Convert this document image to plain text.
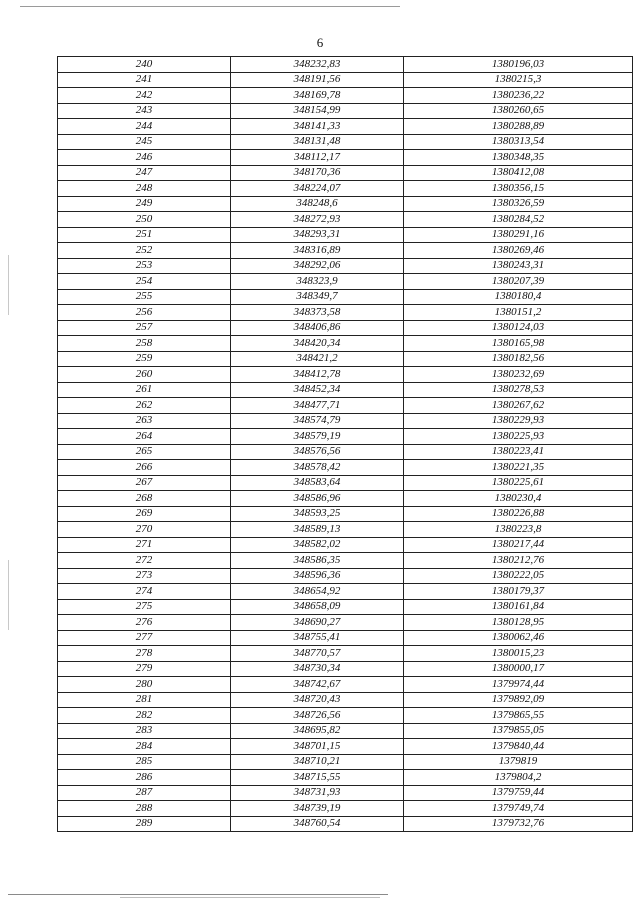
6
240	348232,83	1380196,03
241	348191,56	1380215,3
242	348169,78	1380236,22
243	348154,99	1380260,65
244	348141,33	1380288,89
245	348131,48	1380313,54
246	348112,17	1380348,35
247	348170,36	1380412,08
248	348224,07	1380356,15
249	348248,6	1380326,59
250	348272,93	1380284,52
251	348293,31	1380291,16
252	348316,89	1380269,46
253	348292,06	1380243,31
254	348323,9	1380207,39
255	348349,7	1380180,4
256	348373,58	1380151,2
257	348406,86	1380124,03
258	348420,34	1380165,98
259	348421,2	1380182,56
260	348412,78	1380232,69
261	348452,34	1380278,53
262	348477,71	1380267,62
263	348574,79	1380229,93
264	348579,19	1380225,93
265	348576,56	1380223,41
266	348578,42	1380221,35
267	348583,64	1380225,61
268	348586,96	1380230,4
269	348593,25	1380226,88
270	348589,13	1380223,8
271	348582,02	1380217,44
272	348586,35	1380212,76
273	348596,36	1380222,05
274	348654,92	1380179,37
275	348658,09	1380161,84
276	348690,27	1380128,95
277	348755,41	1380062,46
278	348770,57	1380015,23
279	348730,34	1380000,17
280	348742,67	1379974,44
281	348720,43	1379892,09
282	348726,56	1379865,55
283	348695,82	1379855,05
284	348701,15	1379840,44
285	348710,21	1379819
286	348715,55	1379804,2
287	348731,93	1379759,44
288	348739,19	1379749,74
289	348760,54	1379732,76
